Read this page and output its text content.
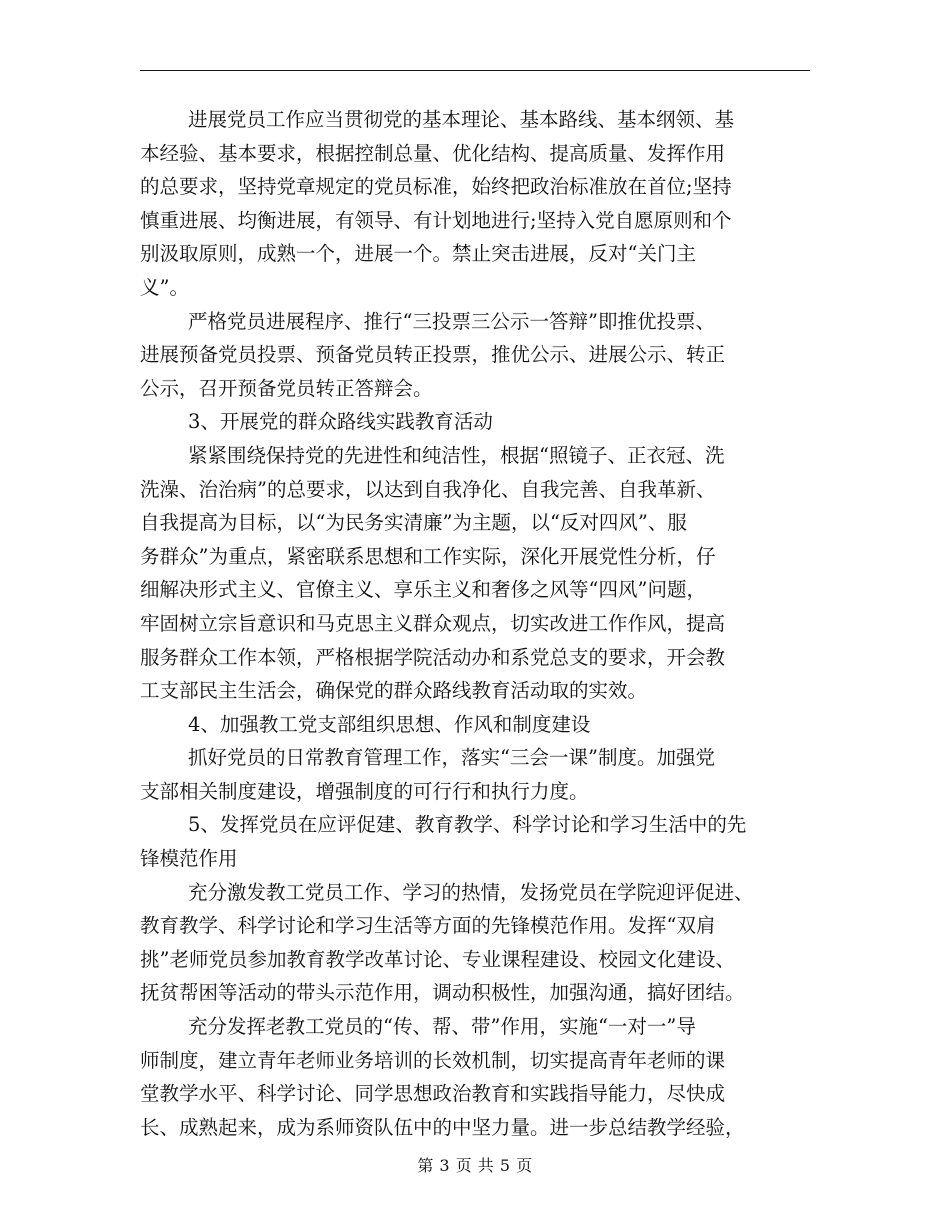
进展党员工作应当贯彻党的基本理论、基本路线、基本纲领、基
本经验、基本要求，根据控制总量、优化结构、提高质量、发挥作用
的总要求，坚持党章规定的党员标准，始终把政治标准放在首位;坚持
慎重进展、均衡进展，有领导、有计划地进行;坚持入党自愿原则和个
别汲取原则，成熟一个，进展一个。禁止突击进展，反对“关门主
义”。
严格党员进展程序、推行“三投票三公示一答辩”即推优投票、
进展预备党员投票、预备党员转正投票，推优公示、进展公示、转正
公示，召开预备党员转正答辩会。
3、开展党的群众路线实践教育活动
紧紧围绕保持党的先进性和纯洁性，根据“照镜子、正衣冠、洗
洗澡、治治病”的总要求，以达到自我净化、自我完善、自我革新、
自我提高为目标，以“为民务实清廉”为主题，以“反对四风”、服
务群众”为重点，紧密联系思想和工作实际，深化开展党性分析，仔
细解决形式主义、官僚主义、享乐主义和奢侈之风等“四风”问题，
牢固树立宗旨意识和马克思主义群众观点，切实改进工作作风，提高
服务群众工作本领，严格根据学院活动办和系党总支的要求，开会教
工支部民主生活会，确保党的群众路线教育活动取的实效。
4、加强教工党支部组织思想、作风和制度建设
抓好党员的日常教育管理工作，落实“三会一课”制度。加强党
支部相关制度建设，增强制度的可行行和执行力度。
5、发挥党员在应评促建、教育教学、科学讨论和学习生活中的先
锋模范作用
充分激发教工党员工作、学习的热情，发扬党员在学院迎评促进、
教育教学、科学讨论和学习生活等方面的先锋模范作用。发挥“双肩
挑”老师党员参加教育教学改革讨论、专业课程建设、校园文化建设、
抚贫帮困等活动的带头示范作用，调动积极性，加强沟通，搞好团结。
充分发挥老教工党员的“传、帮、带”作用，实施“一对一”导
师制度，建立青年老师业务培训的长效机制，切实提高青年老师的课
堂教学水平、科学讨论、同学思想政治教育和实践指导能力，尽快成
长、成熟起来，成为系师资队伍中的中坚力量。进一步总结教学经验，
第 3 页 共 5 页
